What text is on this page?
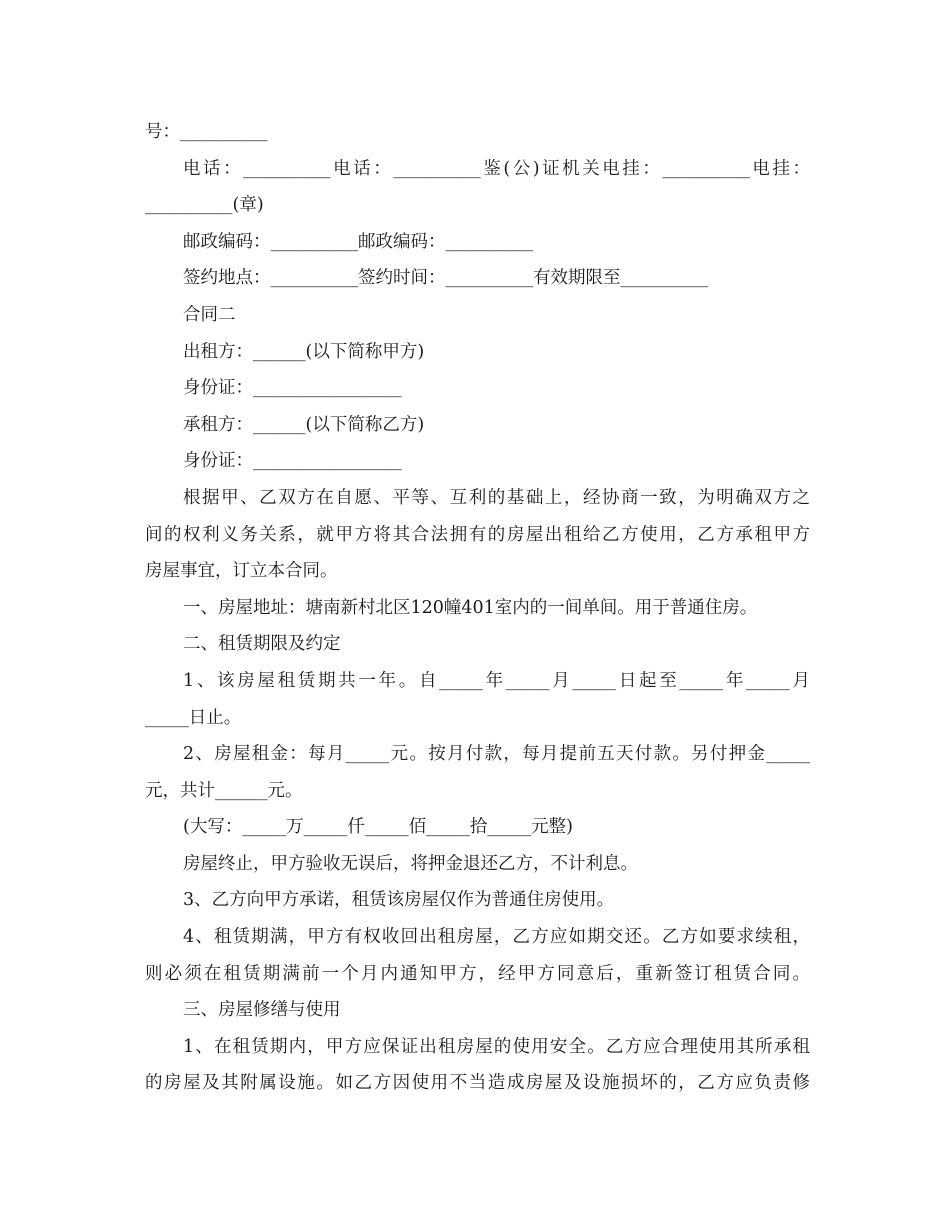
号：__________
电话：__________电话：__________鉴(公)证机关电挂：__________电挂：
__________(章)
邮政编码：__________邮政编码：__________
签约地点：__________签约时间：__________有效期限至__________
合同二
出租方：______(以下简称甲方)
身份证：_________________
承租方：______(以下简称乙方)
身份证：_________________
根据甲、乙双方在自愿、平等、互利的基础上，经协商一致，为明确双方之
间的权利义务关系，就甲方将其合法拥有的房屋出租给乙方使用，乙方承租甲方
房屋事宜，订立本合同。
一、房屋地址：塘南新村北区120幢401室内的一间单间。用于普通住房。
二、租赁期限及约定
1、该房屋租赁期共一年。自_____年_____月_____日起至_____年_____月
_____日止。
2、房屋租金：每月_____元。按月付款，每月提前五天付款。另付押金_____
元，共计______元。
(大写：_____万_____仟_____佰_____拾_____元整)
房屋终止，甲方验收无误后，将押金退还乙方，不计利息。
3、乙方向甲方承诺，租赁该房屋仅作为普通住房使用。
4、租赁期满，甲方有权收回出租房屋，乙方应如期交还。乙方如要求续租，
则必须在租赁期满前一个月内通知甲方，经甲方同意后，重新签订租赁合同。
三、房屋修缮与使用
1、在租赁期内，甲方应保证出租房屋的使用安全。乙方应合理使用其所承租
的房屋及其附属设施。如乙方因使用不当造成房屋及设施损坏的，乙方应负责修
